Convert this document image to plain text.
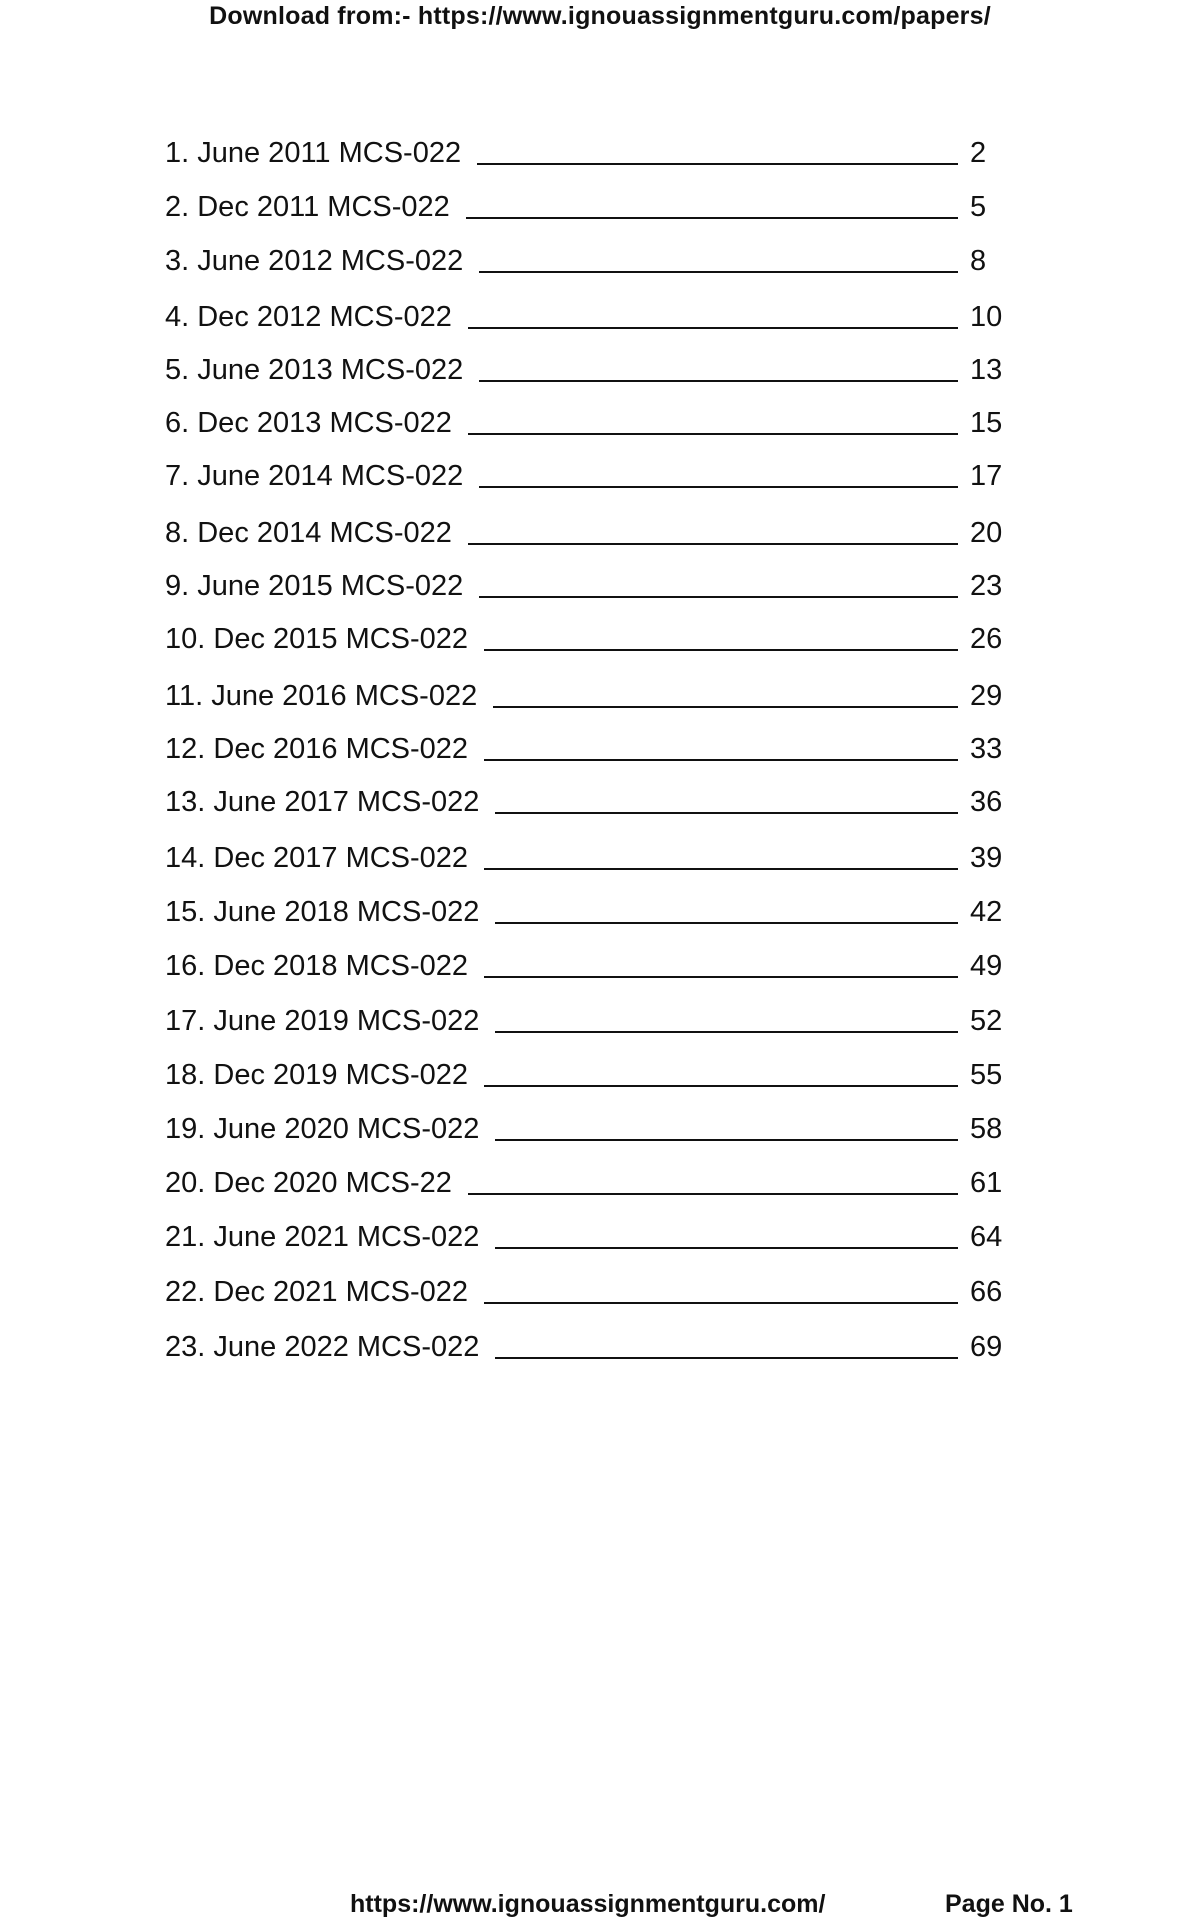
Download from:- https://www.ignouassignmentguru.com/papers/
1. June 2011 MCS-022	2
2. Dec 2011 MCS-022	5
3. June 2012 MCS-022	8
4. Dec 2012 MCS-022	10
5. June 2013 MCS-022	13
6. Dec 2013 MCS-022	15
7. June 2014 MCS-022	17
8. Dec 2014 MCS-022	20
9. June 2015 MCS-022	23
10. Dec 2015 MCS-022	26
11. June 2016 MCS-022	29
12. Dec 2016 MCS-022	33
13. June 2017 MCS-022	36
14. Dec 2017 MCS-022	39
15. June 2018 MCS-022	42
16. Dec 2018 MCS-022	49
17. June 2019 MCS-022	52
18. Dec 2019 MCS-022	55
19. June 2020 MCS-022	58
20. Dec 2020 MCS-22	61
21. June 2021 MCS-022	64
22. Dec 2021 MCS-022	66
23. June 2022 MCS-022	69
https://www.ignouassignmentguru.com/	Page No. 1
